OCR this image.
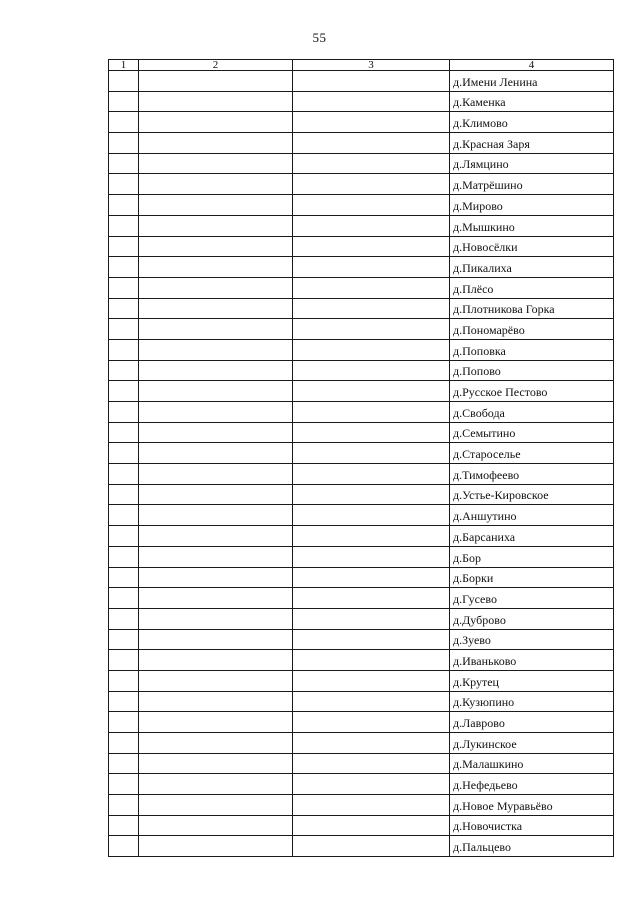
55
1	2	3	4
			д.Имени Ленина
			д.Каменка
			д.Климово
			д.Красная Заря
			д.Лямцино
			д.Матрёшино
			д.Мирово
			д.Мышкино
			д.Новосёлки
			д.Пикалиха
			д.Плёсо
			д.Плотникова Горка
			д.Пономарёво
			д.Поповка
			д.Попово
			д.Русское Пестово
			д.Свобода
			д.Семытино
			д.Староселье
			д.Тимофеево
			д.Устье-Кировское
			д.Аншутино
			д.Барсаниха
			д.Бор
			д.Борки
			д.Гусево
			д.Дуброво
			д.Зуево
			д.Иваньково
			д.Крутец
			д.Кузюпино
			д.Лаврово
			д.Лукинское
			д.Малашкино
			д.Нефедьево
			д.Новое Муравьёво
			д.Новочистка
			д.Пальцево
